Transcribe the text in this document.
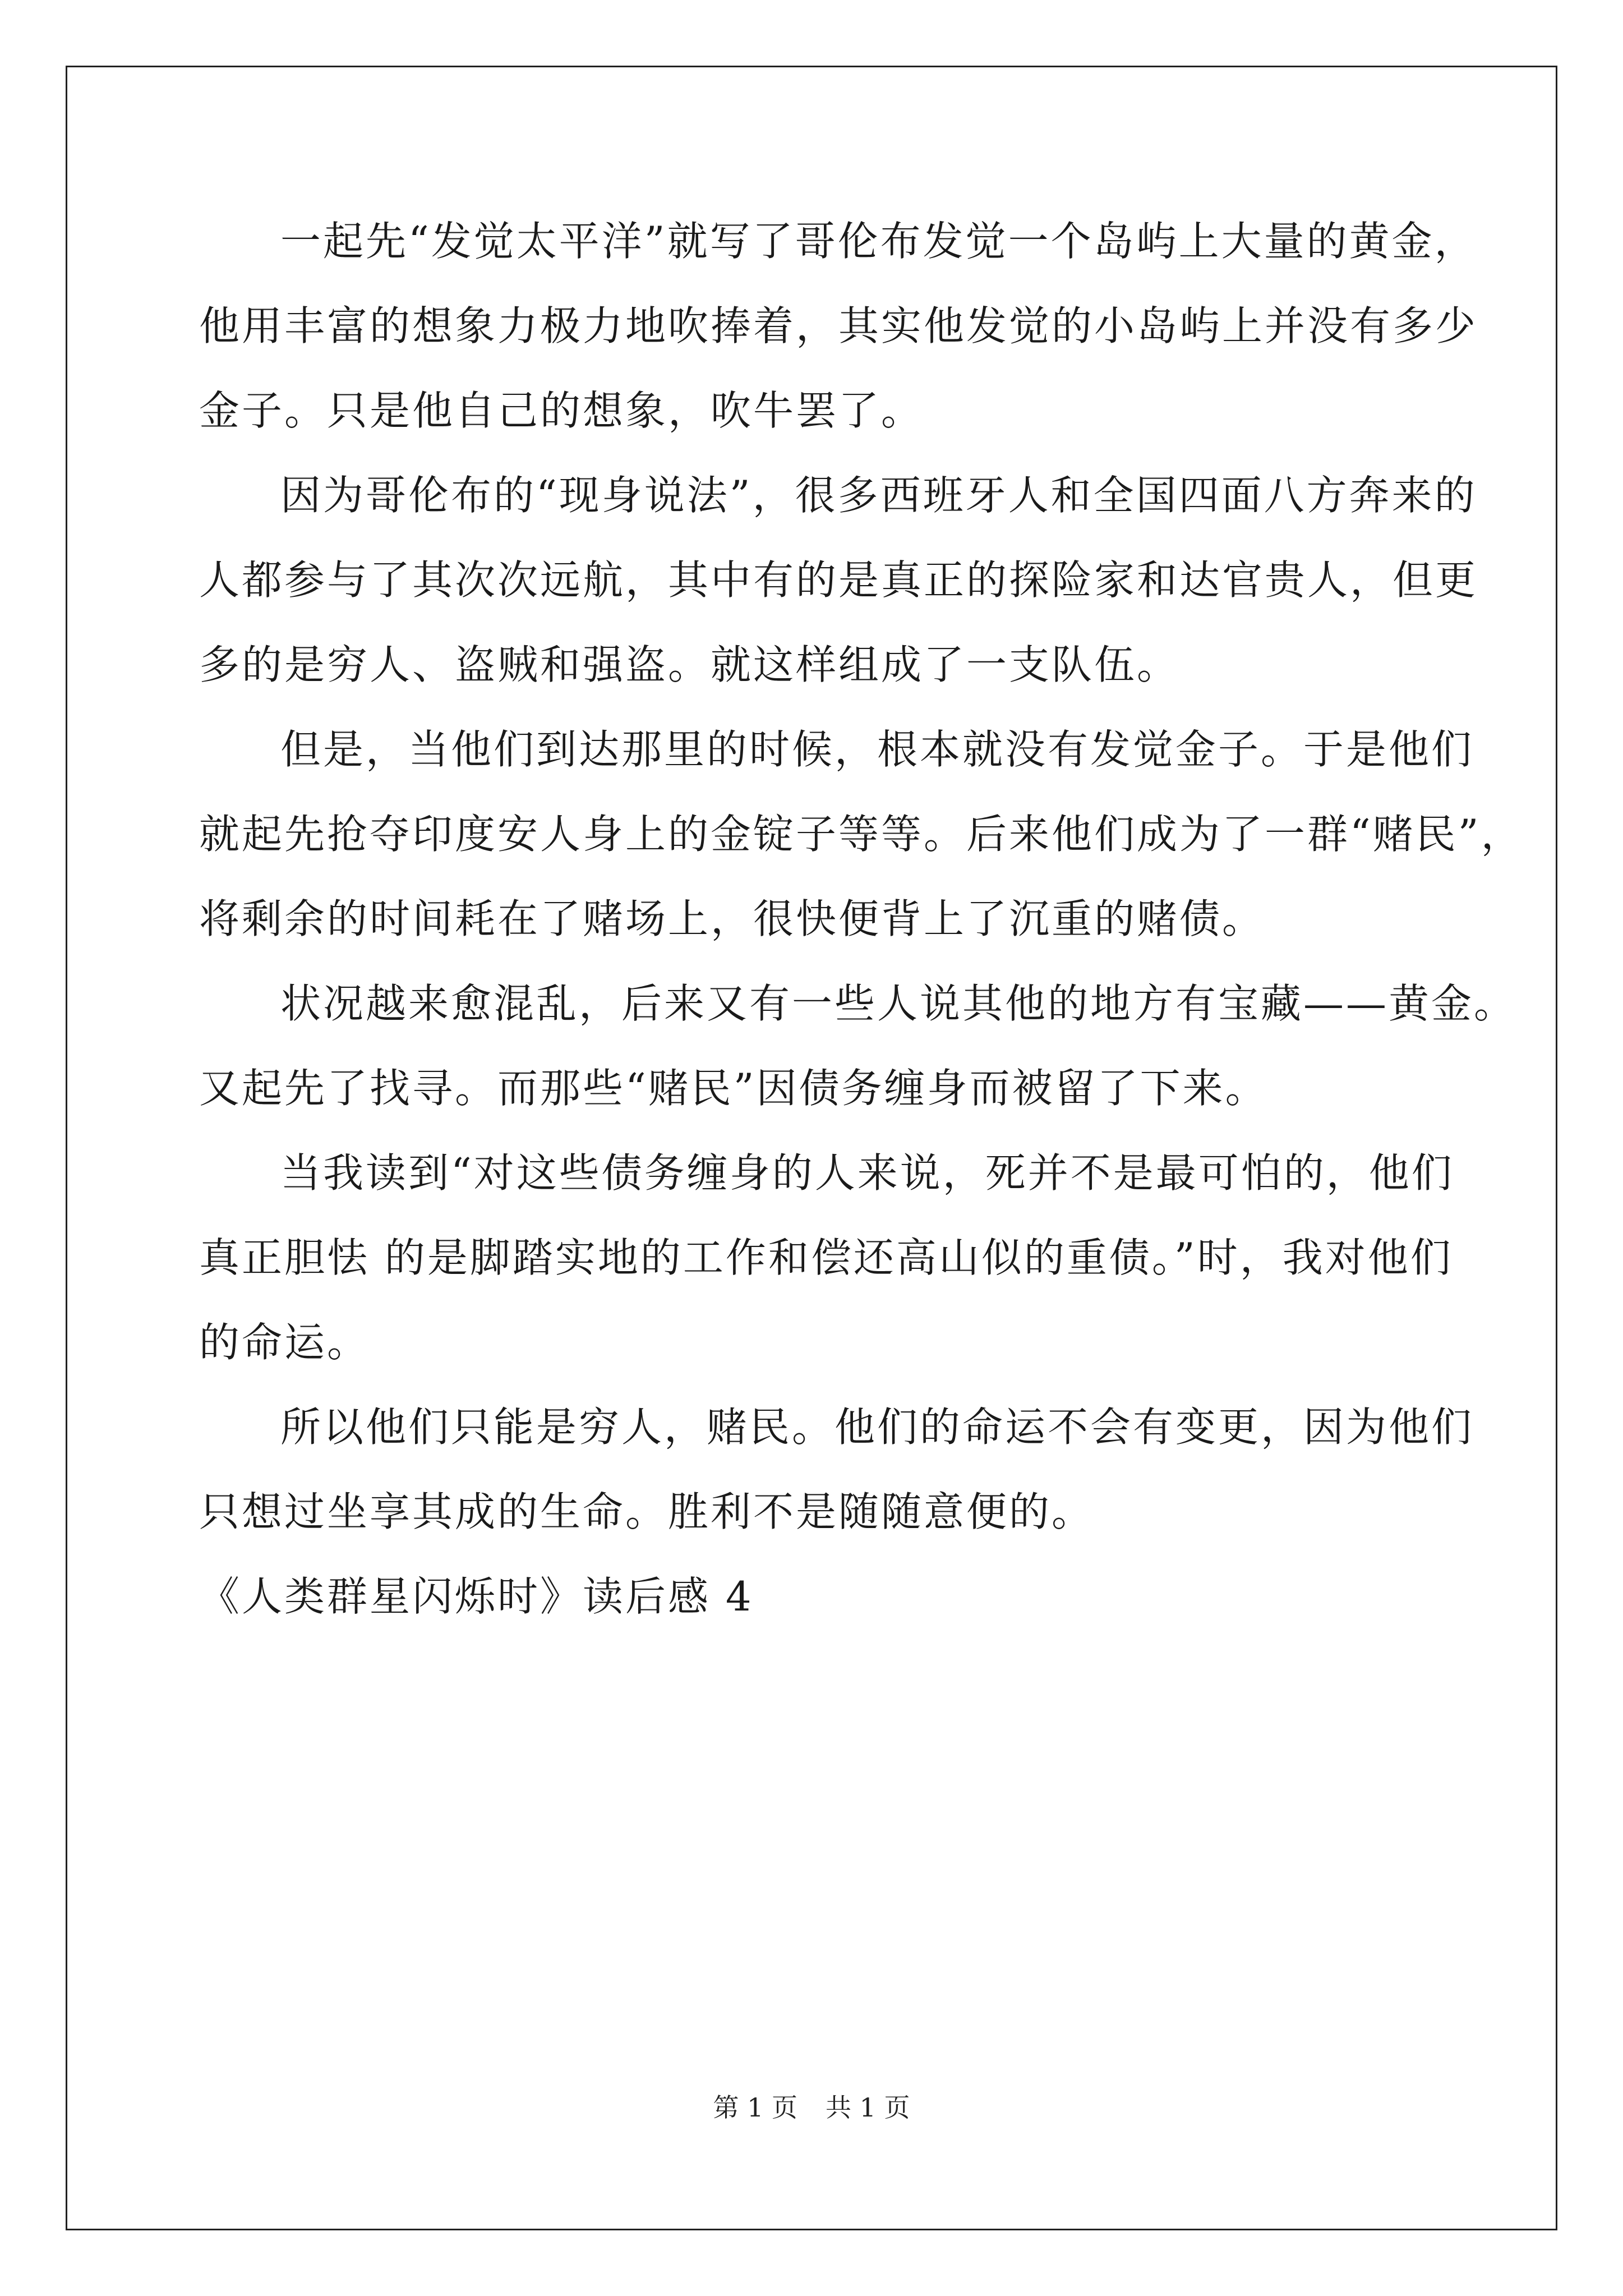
一起先“发觉太平洋”就写了哥伦布发觉一个岛屿上大量的黄金，
他用丰富的想象力极力地吹捧着，其实他发觉的小岛屿上并没有多少
金子。只是他自己的想象，吹牛罢了。
因为哥伦布的“现身说法”，很多西班牙人和全国四面八方奔来的
人都参与了其次次远航，其中有的是真正的探险家和达官贵人，但更
多的是穷人、盗贼和强盗。就这样组成了一支队伍。
但是，当他们到达那里的时候，根本就没有发觉金子。于是他们
就起先抢夺印度安人身上的金锭子等等。后来他们成为了一群“赌民”，
将剩余的时间耗在了赌场上，很快便背上了沉重的赌债。
状况越来愈混乱，后来又有一些人说其他的地方有宝藏——黄金。
又起先了找寻。而那些“赌民”因债务缠身而被留了下来。
当我读到“对这些债务缠身的人来说，死并不是最可怕的，他们
真正胆怯 的是脚踏实地的工作和偿还高山似的重债。”时，我对他们
的命运。
所以他们只能是穷人，赌民。他们的命运不会有变更，因为他们
只想过坐享其成的生命。胜利不是随随意便的。
《人类群星闪烁时》读后感 4
第 1 页 共 1 页
